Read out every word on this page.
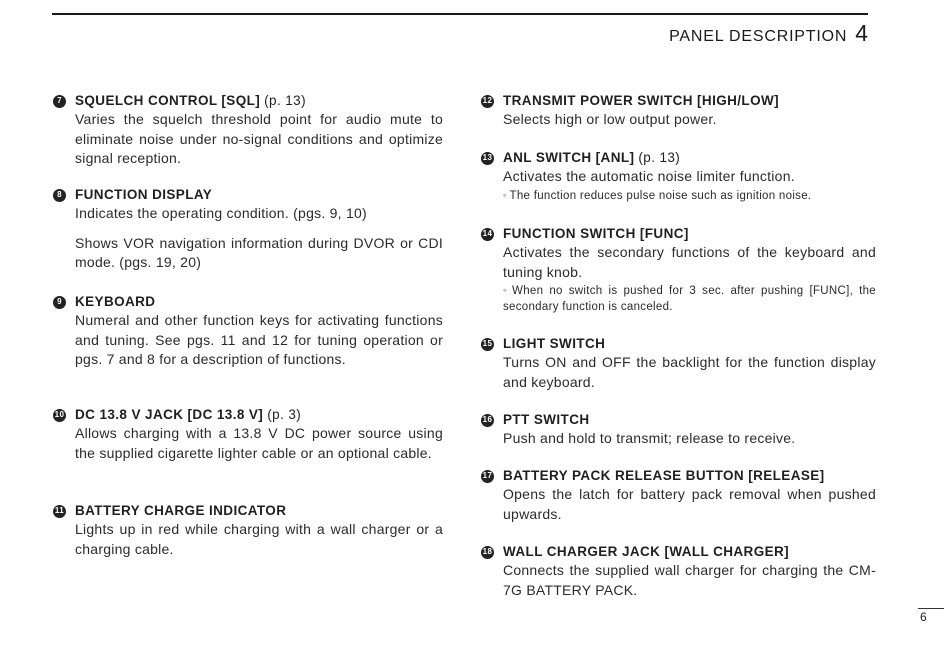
PANEL DESCRIPTION 4
7 SQUELCH CONTROL [SQL] (p. 13)
Varies the squelch threshold point for audio mute to eliminate noise under no-signal conditions and optimize signal reception.
8 FUNCTION DISPLAY
Indicates the operating condition. (pgs. 9, 10)
Shows VOR navigation information during DVOR or CDI mode. (pgs. 19, 20)
9 KEYBOARD
Numeral and other function keys for activating functions and tuning. See pgs. 11 and 12 for tuning operation or pgs. 7 and 8 for a description of functions.
10 DC 13.8 V JACK [DC 13.8 V] (p. 3)
Allows charging with a 13.8 V DC power source using the supplied cigarette lighter cable or an optional cable.
11 BATTERY CHARGE INDICATOR
Lights up in red while charging with a wall charger or a charging cable.
12 TRANSMIT POWER SWITCH [HIGH/LOW]
Selects high or low output power.
13 ANL SWITCH [ANL] (p. 13)
Activates the automatic noise limiter function.
◦ The function reduces pulse noise such as ignition noise.
14 FUNCTION SWITCH [FUNC]
Activates the secondary functions of the keyboard and tuning knob.
◦ When no switch is pushed for 3 sec. after pushing [FUNC], the secondary function is canceled.
15 LIGHT SWITCH
Turns ON and OFF the backlight for the function display and keyboard.
16 PTT SWITCH
Push and hold to transmit; release to receive.
17 BATTERY PACK RELEASE BUTTON [RELEASE]
Opens the latch for battery pack removal when pushed upwards.
18 WALL CHARGER JACK [WALL CHARGER]
Connects the supplied wall charger for charging the CM-7G BATTERY PACK.
6
